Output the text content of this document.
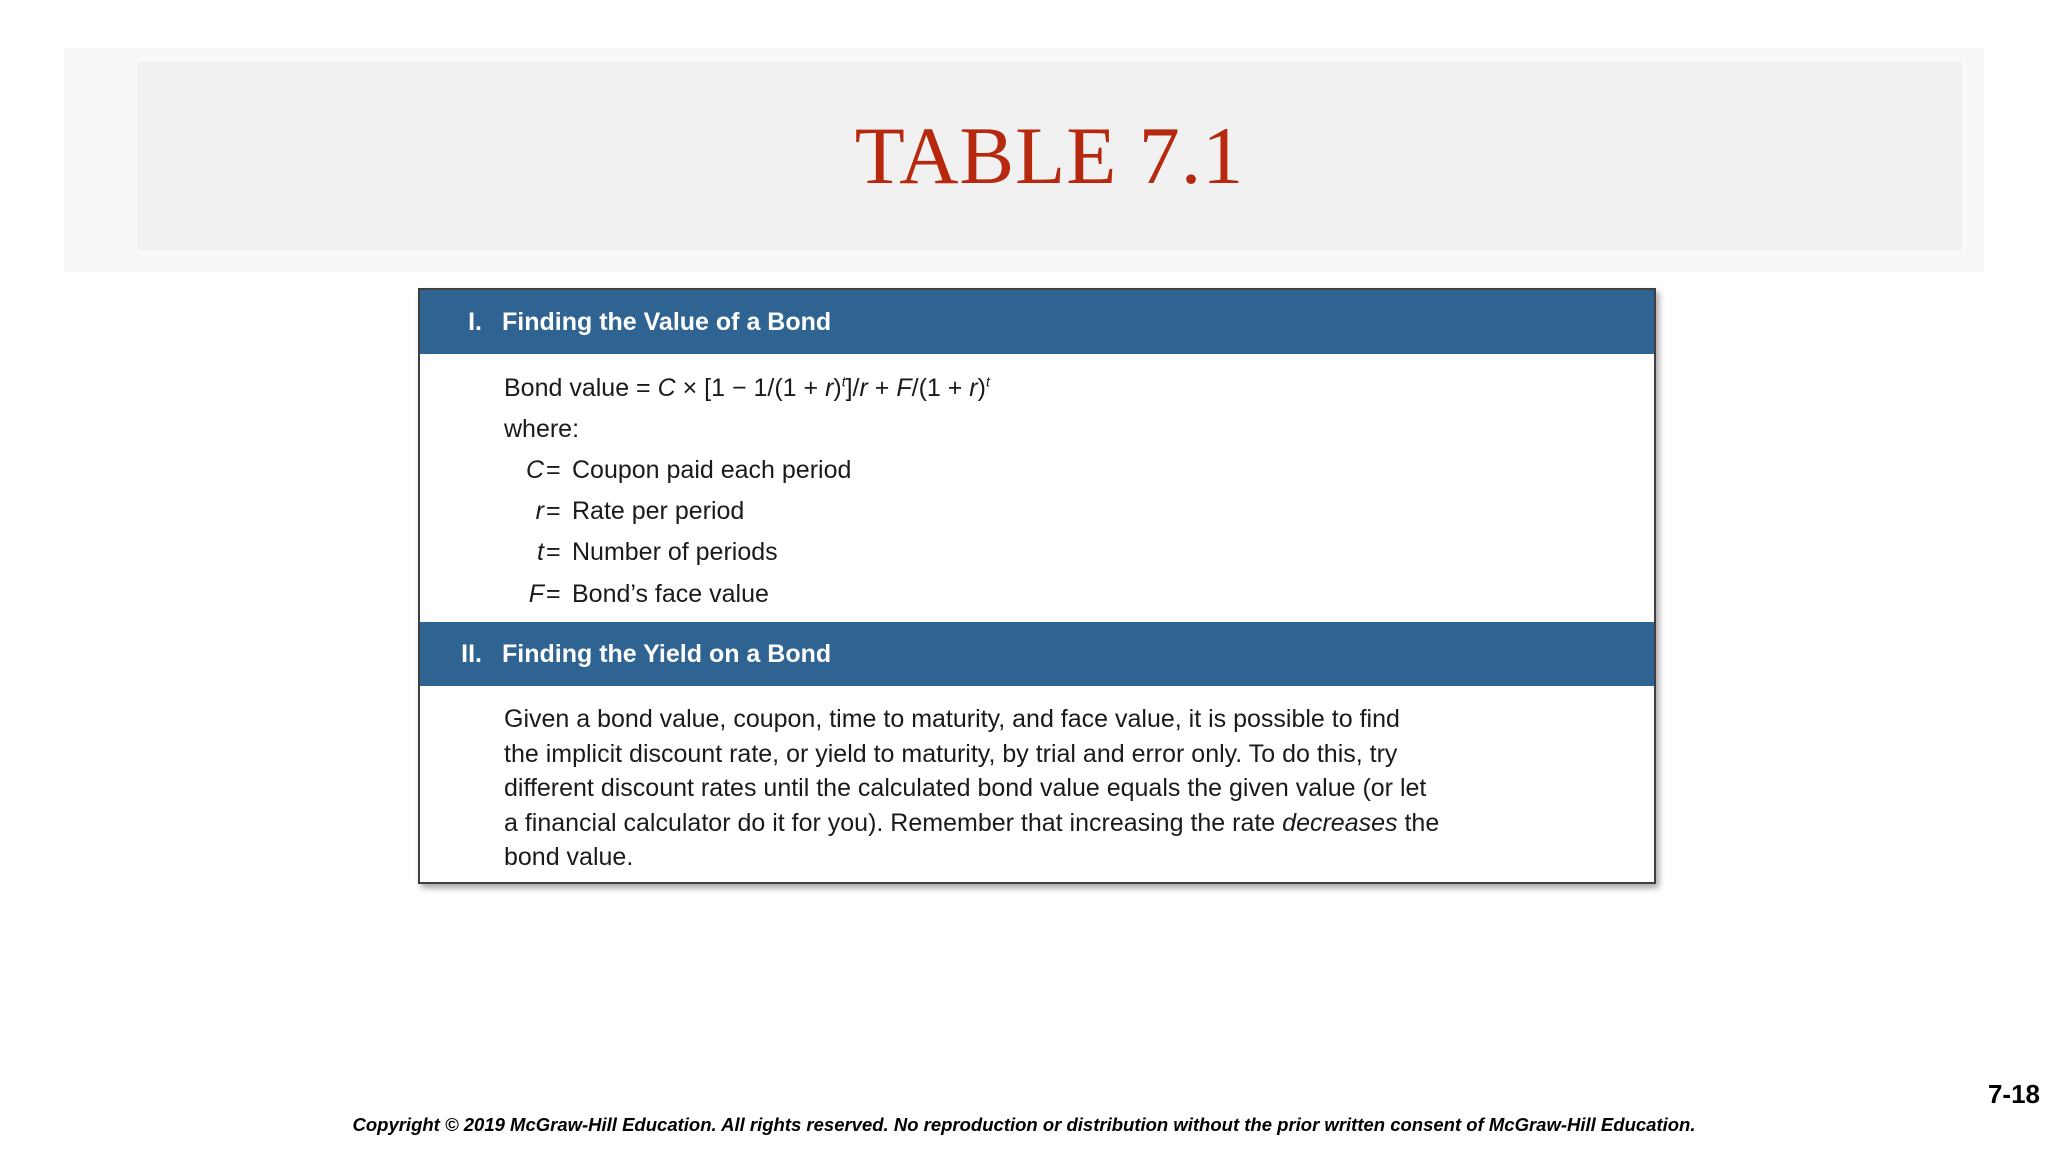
TABLE 7.1
I. Finding the Value of a Bond
Bond value = $C \times [1 - 1/(1 + r)^t]/r + F/(1 + r)^t$
where:
C = Coupon paid each period
r = Rate per period
t = Number of periods
F = Bond’s face value
II. Finding the Yield on a Bond
Given a bond value, coupon, time to maturity, and face value, it is possible to find
the implicit discount rate, or yield to maturity, by trial and error only. To do this, try
different discount rates until the calculated bond value equals the given value (or let
a financial calculator do it for you). Remember that increasing the rate decreases the
bond value.
7-18
Copyright © 2019 McGraw-Hill Education. All rights reserved. No reproduction or distribution without the prior written consent of McGraw-Hill Education.
